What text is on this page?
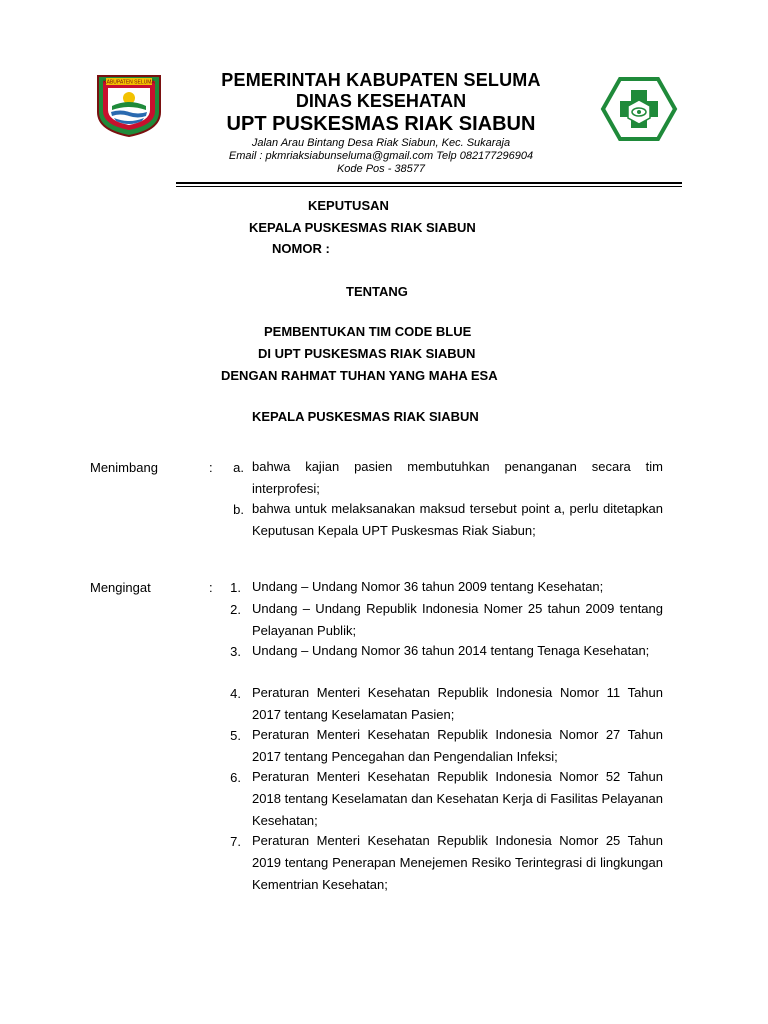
KABUPATEN SELUMA	PEMERINTAH KABUPATEN SELUMA
DINAS KESEHATAN
UPT PUSKESMAS RIAK SIABUN
Jalan Arau Bintang Desa Riak Siabun, Kec. Sukaraja
Email : pkmriaksiabunseluma@gmail.com Telp 082177296904
Kode Pos - 38577
KEPUTUSAN
KEPALA PUSKESMAS RIAK SIABUN
NOMOR :
TENTANG
PEMBENTUKAN TIM CODE BLUE
DI UPT PUSKESMAS RIAK SIABUN
DENGAN RAHMAT TUHAN YANG MAHA ESA
KEPALA PUSKESMAS RIAK SIABUN
Menimbang	:	a. bahwa kajian pasien membutuhkan penanganan secara tim interprofesi;
b. bahwa untuk melaksanakan maksud tersebut point a, perlu ditetapkan Keputusan Kepala UPT Puskesmas Riak Siabun;
Mengingat	:	1. Undang – Undang Nomor 36 tahun 2009 tentang Kesehatan;
2. Undang – Undang Republik Indonesia Nomer 25 tahun 2009 tentang Pelayanan Publik;
3. Undang – Undang Nomor 36 tahun 2014 tentang Tenaga Kesehatan;
4. Peraturan Menteri Kesehatan Republik Indonesia Nomor 11 Tahun 2017 tentang Keselamatan Pasien;
5. Peraturan Menteri Kesehatan Republik Indonesia Nomor 27 Tahun 2017 tentang Pencegahan dan Pengendalian Infeksi;
6. Peraturan Menteri Kesehatan Republik Indonesia Nomor 52 Tahun 2018 tentang Keselamatan dan Kesehatan Kerja di Fasilitas Pelayanan Kesehatan;
7. Peraturan Menteri Kesehatan Republik Indonesia Nomor 25 Tahun 2019 tentang Penerapan Menejemen Resiko Terintegrasi di lingkungan Kementrian Kesehatan;
